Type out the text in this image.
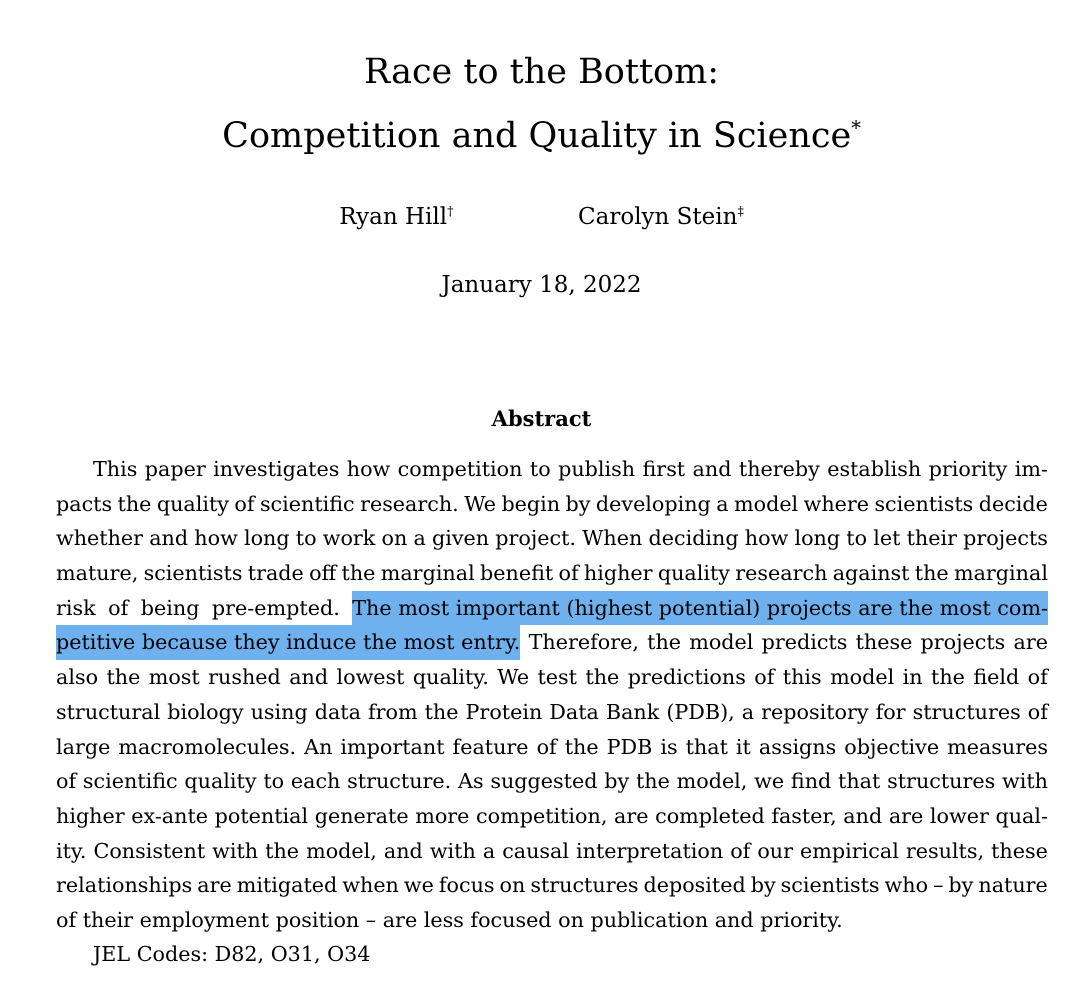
Race to the Bottom:
Competition and Quality in Science*
Ryan Hill†	Carolyn Stein‡
January 18, 2022
Abstract
This paper investigates how competition to publish first and thereby establish priority im-
pacts the quality of scientific research. We begin by developing a model where scientists decide
whether and how long to work on a given project. When deciding how long to let their projects
mature, scientists trade off the marginal benefit of higher quality research against the marginal
risk of being pre-empted. The most important (highest potential) projects are the most com-
petitive because they induce the most entry. Therefore, the model predicts these projects are
also the most rushed and lowest quality. We test the predictions of this model in the field of
structural biology using data from the Protein Data Bank (PDB), a repository for structures of
large macromolecules. An important feature of the PDB is that it assigns objective measures
of scientific quality to each structure. As suggested by the model, we find that structures with
higher ex-ante potential generate more competition, are completed faster, and are lower qual-
ity. Consistent with the model, and with a causal interpretation of our empirical results, these
relationships are mitigated when we focus on structures deposited by scientists who – by nature
of their employment position – are less focused on publication and priority.
JEL Codes: D82, O31, O34
